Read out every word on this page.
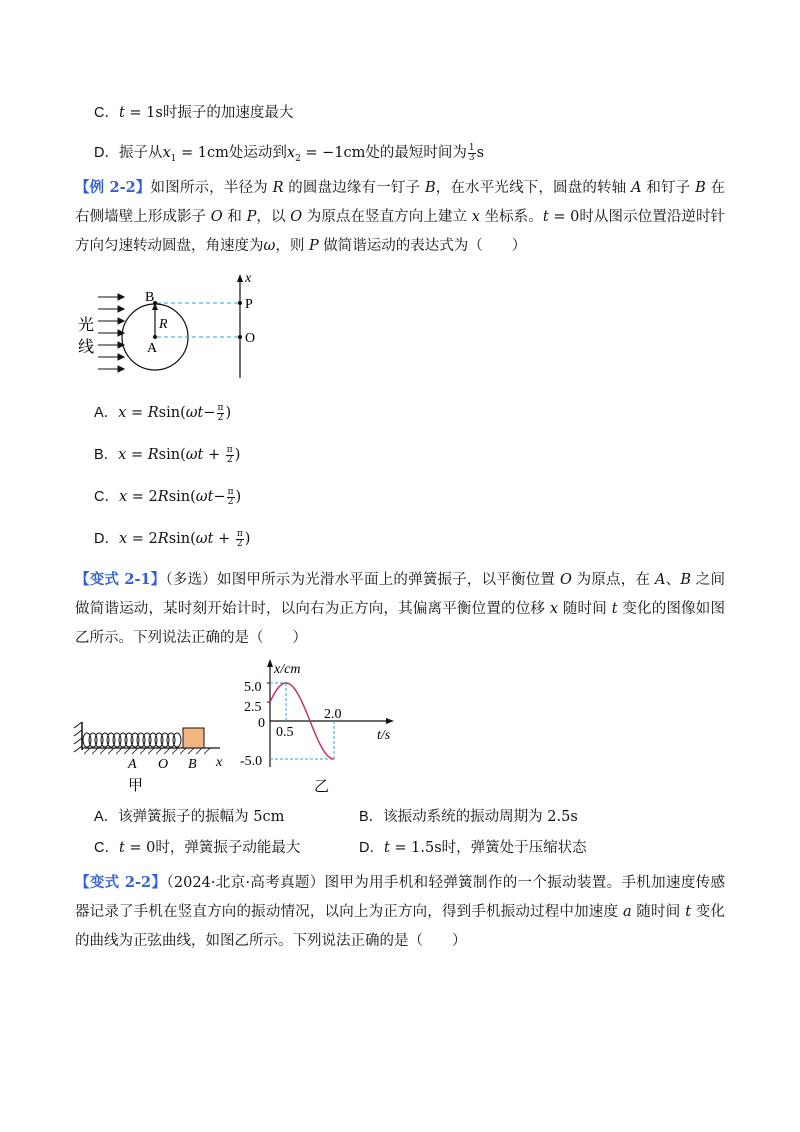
C．t = 1s时振子的加速度最大
D．振子从$x_1 = 1cm$处运动到$x_2 = -1cm$处的最短时间为 $\frac{1}{3}$ s
【例 2-2】如图所示，半径为 R 的圆盘边缘有一钉子 B，在水平光线下，圆盘的转轴 A 和钉子 B 在右侧墙壁上形成影子 O 和 P，以 O 为原点在竖直方向上建立 x 坐标系。t = 0时从图示位置沿逆时针方向匀速转动圆盘，角速度为ω，则 P 做简谐运动的表达式为（　　）
光
线
B
R
A
x
P
O
A．$x = Rsin(\omega t- \frac{\pi}{2}$ )
B．$x = Rsin(\omega t + \frac{\pi}{2}$ )
C．$x = 2Rsin(\omega t- \frac{\pi}{2}$ )
D．$x = 2Rsin(\omega t + \frac{\pi}{2}$ )
【变式 2-1】（多选）如图甲所示为光滑水平面上的弹簧振子，以平衡位置 O 为原点，在 A、B 之间做简谐运动，某时刻开始计时，以向右为正方向，其偏离平衡位置的位移 x 随时间 t 变化的图像如图乙所示。下列说法正确的是（　　）
A O B x
甲
x/cm
t/s
5.0
2.5
0
-5.0
0.5
2.0
乙
A．该弹簧振子的振幅为 5cm	B．该振动系统的振动周期为 2.5s
C．t = 0时，弹簧振子动能最大	D．t = 1.5s时，弹簧处于压缩状态
【变式 2-2】（2024·北京·高考真题）图甲为用手机和轻弹簧制作的一个振动装置。手机加速度传感器记录了手机在竖直方向的振动情况，以向上为正方向，得到手机振动过程中加速度 a 随时间 t 变化的曲线为正弦曲线，如图乙所示。下列说法正确的是（　　）
